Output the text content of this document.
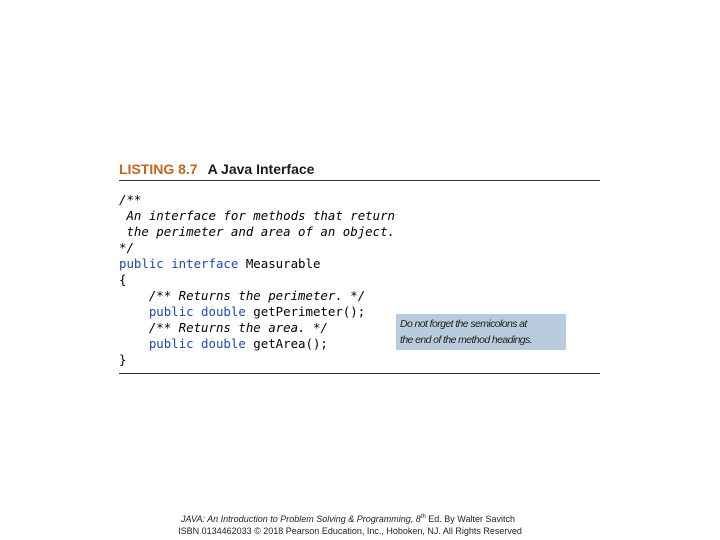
LISTING 8.7 A Java Interface
/**
An interface for methods that return
the perimeter and area of an object.
*/
public interface Measurable
{
/** Returns the perimeter. */
public double getPerimeter();
/** Returns the area. */
public double getArea();
}
Do not forget the semicolons at
the end of the method headings.
JAVA: An Introduction to Problem Solving & Programming, 8th Ed. By Walter Savitch
ISBN 0134462033 © 2018 Pearson Education, Inc., Hoboken, NJ. All Rights Reserved
